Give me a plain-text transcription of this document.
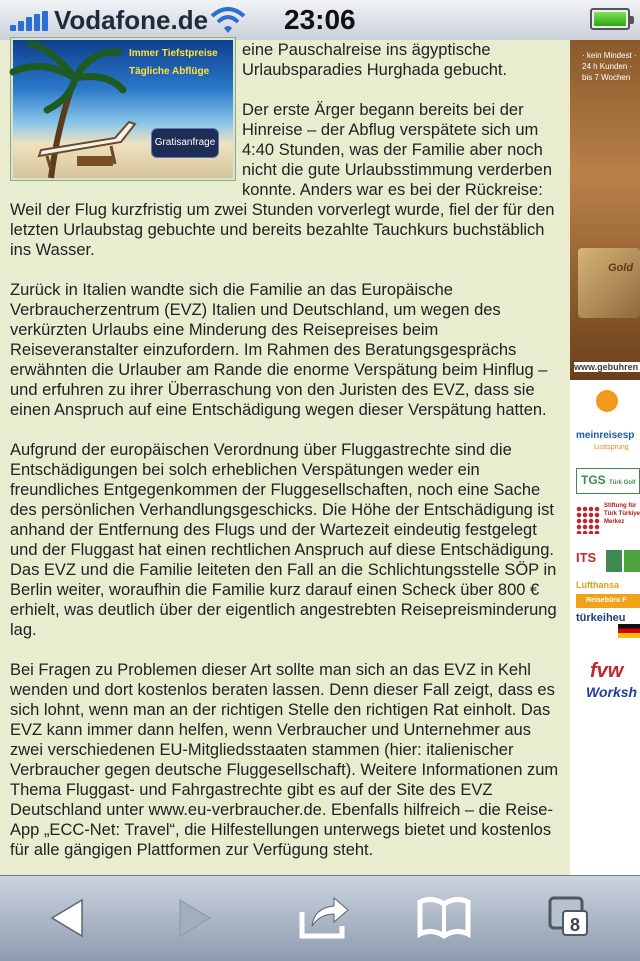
Vodafone.de	23:06
Immer Tiefstpreise
Tägliche Abflüge
Gratisanfrage

eine Pauschalreise ins ägyptische Urlaubsparadies Hurghada gebucht.

Der erste Ärger begann bereits bei der Hinreise – der Abflug verspätete sich um 4:40 Stunden, was der Familie aber noch nicht die gute Urlaubsstimmung verderben konnte. Anders war es bei der Rückreise: Weil der Flug kurzfristig um zwei Stunden vorverlegt wurde, fiel der für den letzten Urlaubstag gebuchte und bereits bezahlte Tauchkurs buchstäblich ins Wasser.

Zurück in Italien wandte sich die Familie an das Europäische Verbraucherzentrum (EVZ) Italien und Deutschland, um wegen des verkürzten Urlaubs eine Minderung des Reisepreises beim Reiseveranstalter einzufordern. Im Rahmen des Beratungsgesprächs erwähnten die Urlauber am Rande die enorme Verspätung beim Hinflug – und erfuhren zu ihrer Überraschung von den Juristen des EVZ, dass sie einen Anspruch auf eine Entschädigung wegen dieser Verspätung hatten.

Aufgrund der europäischen Verordnung über Fluggastrechte sind die Entschädigungen bei solch erheblichen Verspätungen weder ein freundliches Entgegenkommen der Fluggesellschaften, noch eine Sache des persönlichen Verhandlungsgeschicks. Die Höhe der Entschädigung ist anhand der Entfernung des Flugs und der Wartezeit eindeutig festgelegt und der Fluggast hat einen rechtlichen Anspruch auf diese Entschädigung. Das EVZ und die Familie leiteten den Fall an die Schlichtungsstelle SÖP in Berlin weiter, woraufhin die Familie kurz darauf einen Scheck über 800 € erhielt, was deutlich über der eigentlich angestrebten Reisepreisminderung lag.

Bei Fragen zu Problemen dieser Art sollte man sich an das EVZ in Kehl wenden und dort kostenlos beraten lassen. Denn dieser Fall zeigt, dass es sich lohnt, wenn man an der richtigen Stelle den richtigen Rat einholt. Das EVZ kann immer dann helfen, wenn Verbraucher und Unternehmer aus zwei verschiedenen EU-Mitgliedsstaaten stammen (hier: italienischer Verbraucher gegen deutsche Fluggesellschaft). Weitere Informationen zum Thema Fluggast- und Fahrgastrechte gibt es auf der Site des EVZ Deutschland unter www.eu-verbraucher.de. Ebenfalls hilfreich – die Reise-App „ECC-Net: Travel“, die Hilfestellungen unterwegs bietet und kostenlos für alle gängigen Plattformen zur Verfügung steht.

· kein Mindest · 24 h Kunden · bis 7 Wochen
Gold
www.gebuhren
meinreisesp
Lustsprung
TGS Türk Golf
Stiftung für Türk Türkiye Merkez
ITS
Lufthansa
Reisebüro F
türkeiheu
fvw
Worksh
8
